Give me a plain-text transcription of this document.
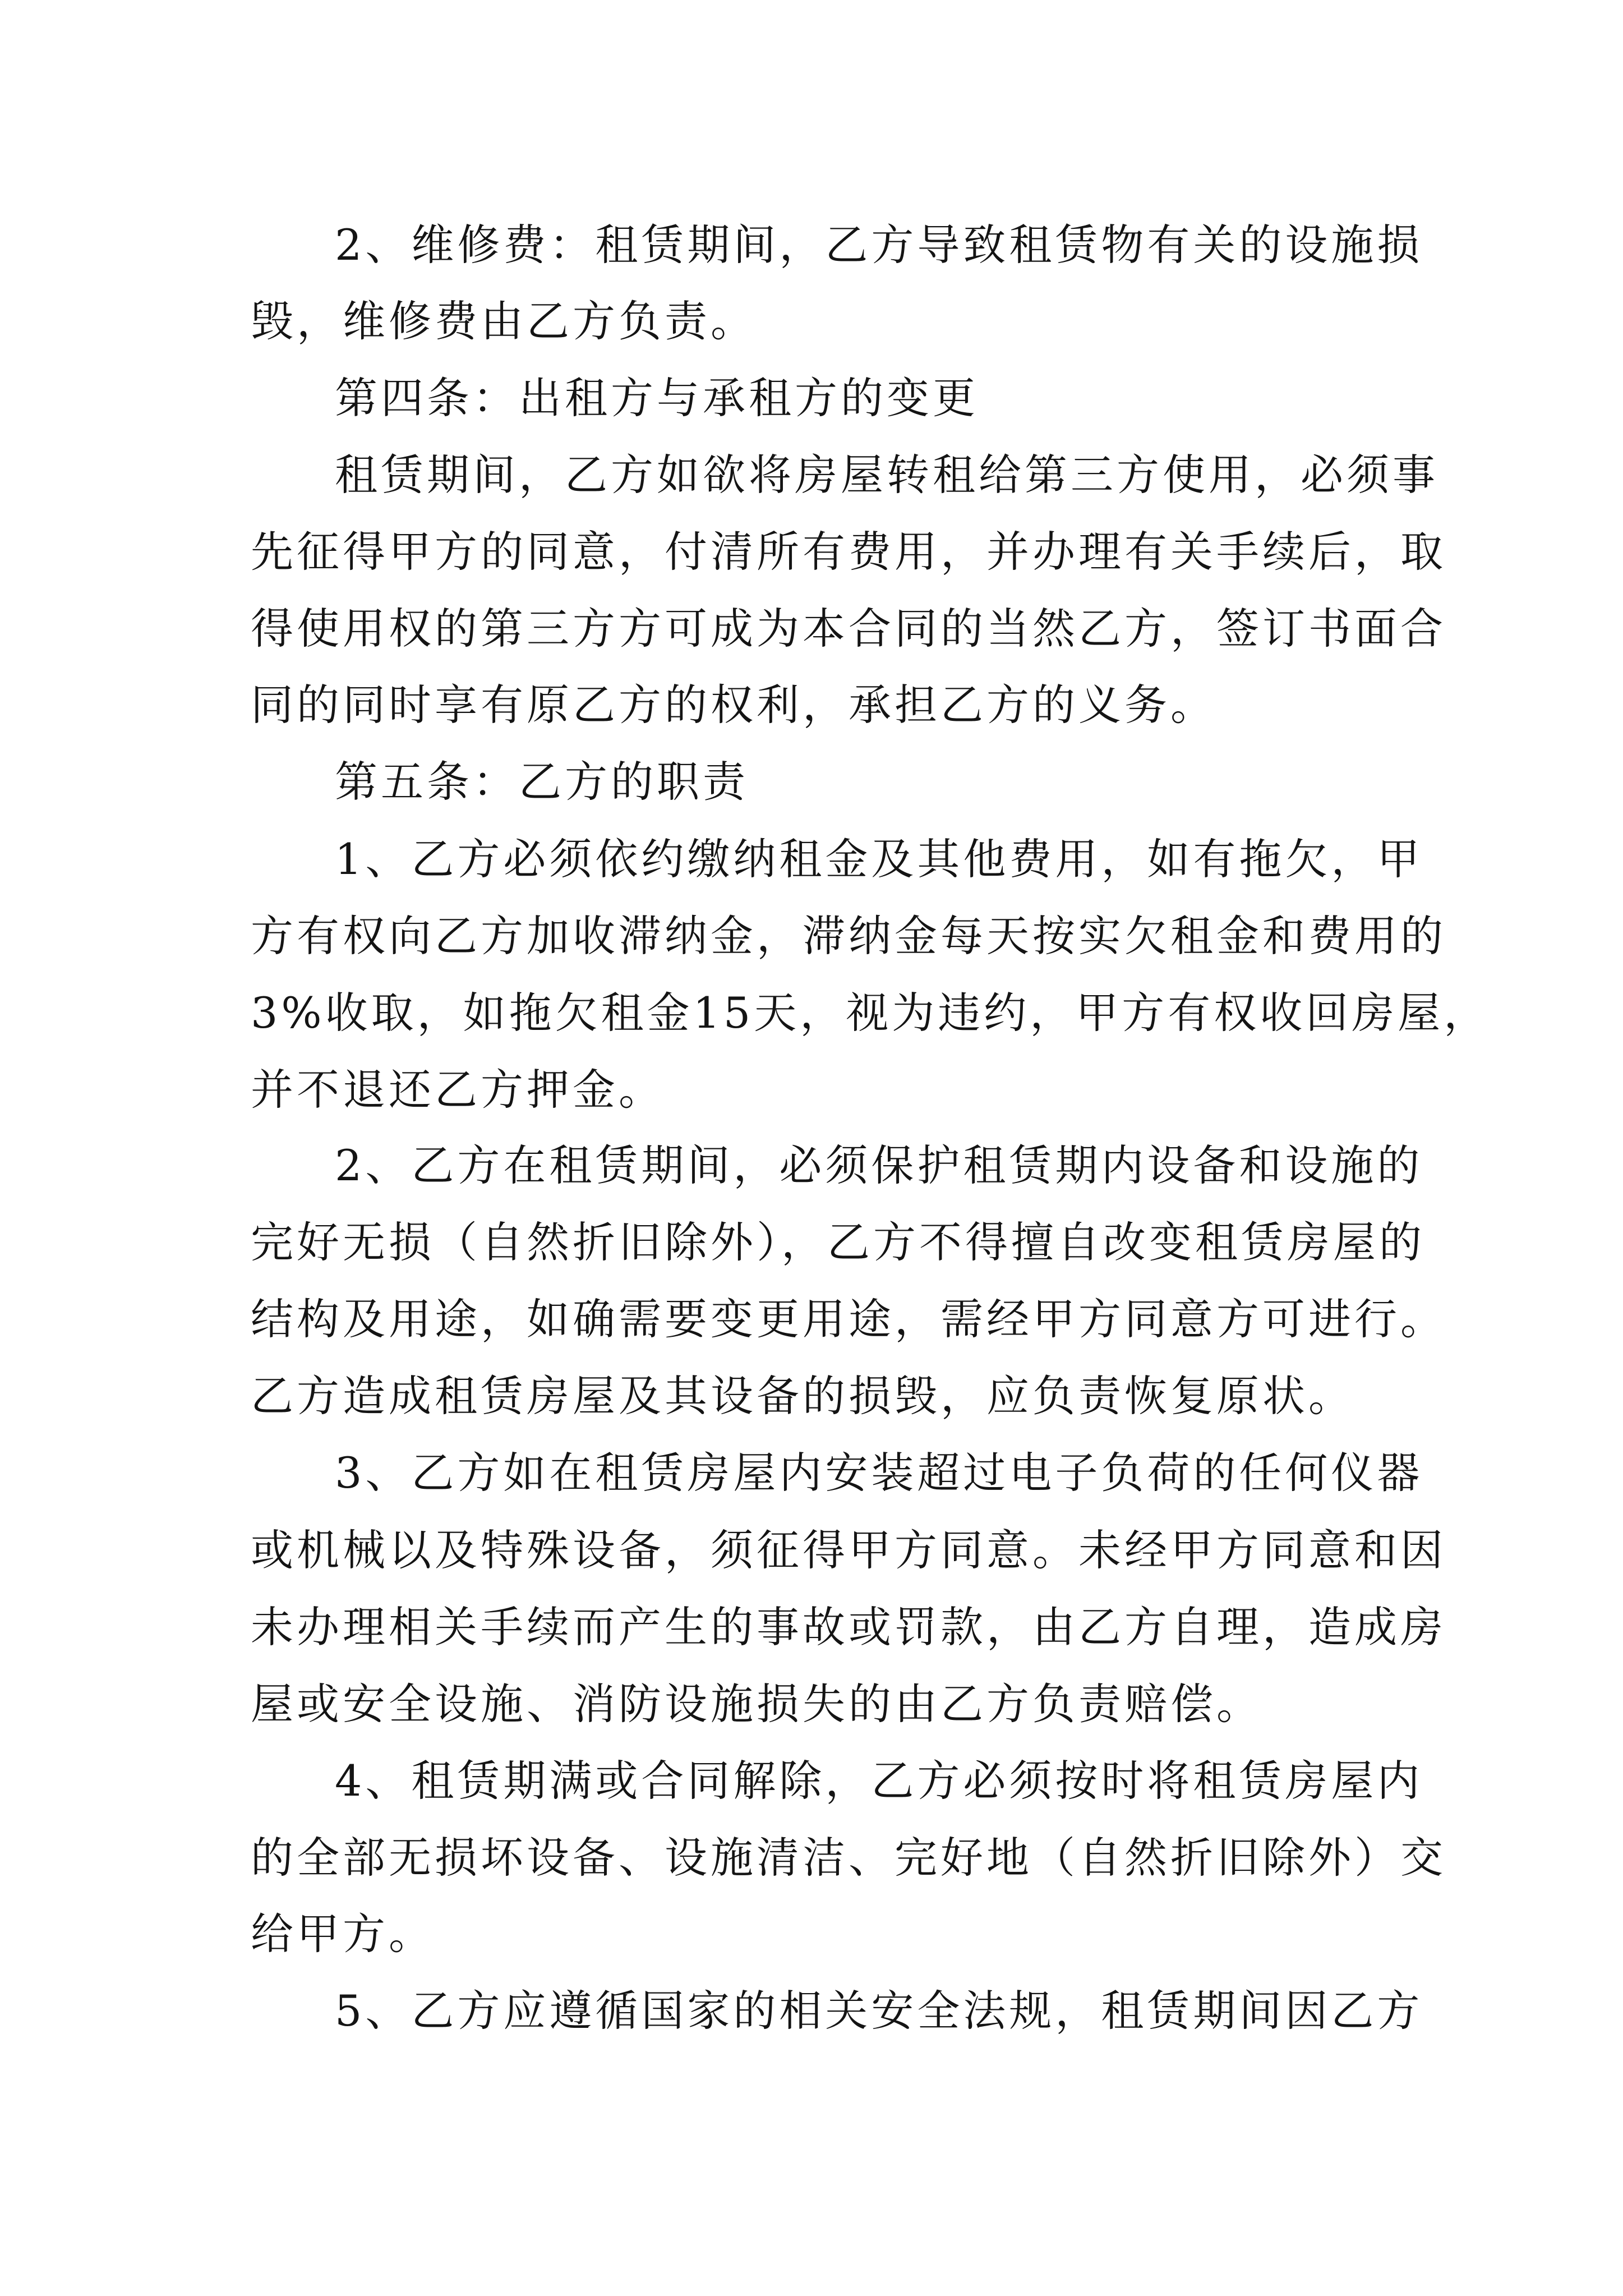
2、维修费：租赁期间，乙方导致租赁物有关的设施损
毁，维修费由乙方负责。
第四条：出租方与承租方的变更
租赁期间，乙方如欲将房屋转租给第三方使用，必须事
先征得甲方的同意，付清所有费用，并办理有关手续后，取
得使用权的第三方方可成为本合同的当然乙方，签订书面合
同的同时享有原乙方的权利，承担乙方的义务。
第五条：乙方的职责
1、乙方必须依约缴纳租金及其他费用，如有拖欠，甲
方有权向乙方加收滞纳金，滞纳金每天按实欠租金和费用的
3%收取，如拖欠租金15天，视为违约，甲方有权收回房屋，
并不退还乙方押金。
2、乙方在租赁期间，必须保护租赁期内设备和设施的
完好无损（自然折旧除外），乙方不得擅自改变租赁房屋的
结构及用途，如确需要变更用途，需经甲方同意方可进行。
乙方造成租赁房屋及其设备的损毁，应负责恢复原状。
3、乙方如在租赁房屋内安装超过电子负荷的任何仪器
或机械以及特殊设备，须征得甲方同意。未经甲方同意和因
未办理相关手续而产生的事故或罚款，由乙方自理，造成房
屋或安全设施、消防设施损失的由乙方负责赔偿。
4、租赁期满或合同解除，乙方必须按时将租赁房屋内
的全部无损坏设备、设施清洁、完好地（自然折旧除外）交
给甲方。
5、乙方应遵循国家的相关安全法规，租赁期间因乙方
